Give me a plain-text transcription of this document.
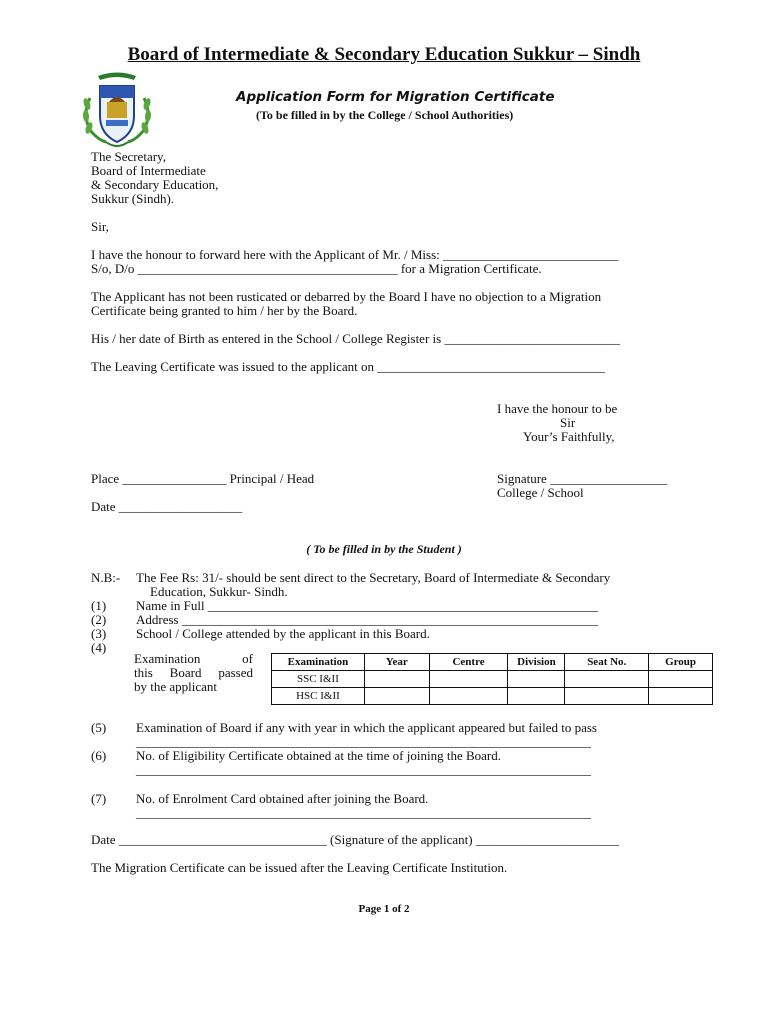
Board of Intermediate & Secondary Education Sukkur – Sindh
Application Form for Migration Certificate
(To be filled in by the College / School Authorities)
The Secretary,
Board of Intermediate
& Secondary Education,
Sukkur (Sindh).
Sir,
I have the honour to forward here with the Applicant of Mr. / Miss: ___________________________
S/o, D/o ________________________________________ for a Migration Certificate.
The Applicant has not been rusticated or debarred by the Board I have no objection to a Migration
Certificate being granted to him / her by the Board.
His / her date of Birth as entered in the School / College Register is ___________________________
The Leaving Certificate was issued to the applicant on ___________________________________
I have the honour to be
Sir
Your’s Faithfully,
Place ________________ Principal / Head	Signature __________________
College / School
Date ___________________
( To be filled in by the Student )
N.B:- The Fee Rs: 31/- should be sent direct to the Secretary, Board of Intermediate & Secondary
Education, Sukkur- Sindh.
(1) Name in Full ____________________________________________________________
(2) Address ________________________________________________________________
(3) School / College attended by the applicant in this Board.
(4)
Examination of
this Board passed
by the applicant
Examination	Year	Centre	Division	Seat No.	Group
SSC I&II					
HSC I&II					
(5) Examination of Board if any with year in which the applicant appeared but failed to pass
______________________________________________________________________
(6) No. of Eligibility Certificate obtained at the time of joining the Board.
______________________________________________________________________
(7) No. of Enrolment Card obtained after joining the Board.
______________________________________________________________________
Date ________________________________ (Signature of the applicant) ______________________
The Migration Certificate can be issued after the Leaving Certificate Institution.
Page 1 of 2
